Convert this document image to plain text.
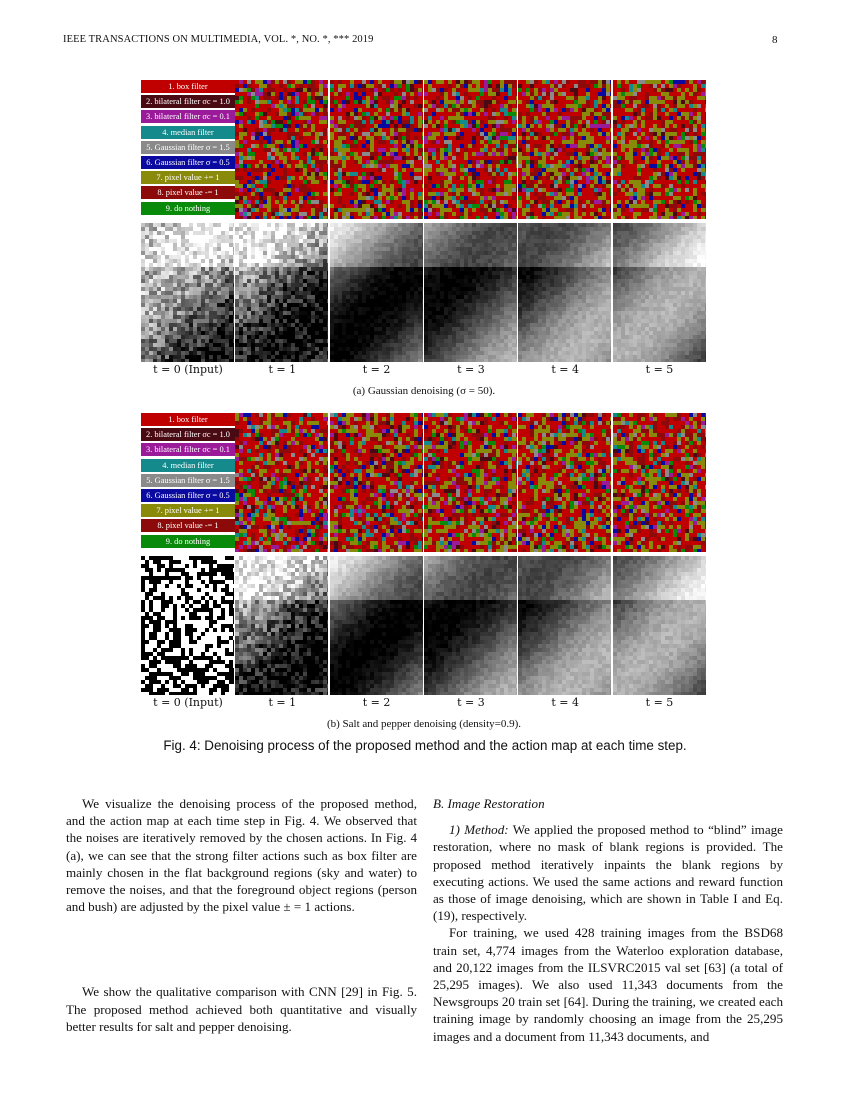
IEEE TRANSACTIONS ON MULTIMEDIA, VOL. *, NO. *, *** 2019	8
1. box filter
2. bilateral filter σc = 1.0
3. bilateral filter σc = 0.1
4. median filter
5. Gaussian filter σ = 1.5
6. Gaussian filter σ = 0.5
7. pixel value += 1
8. pixel value -= 1
9. do nothing
t = 0 (Input)	t = 1	t = 2	t = 3	t = 4	t = 5
(a) Gaussian denoising (σ = 50).
1. box filter
2. bilateral filter σc = 1.0
3. bilateral filter σc = 0.1
4. median filter
5. Gaussian filter σ = 1.5
6. Gaussian filter σ = 0.5
7. pixel value += 1
8. pixel value -= 1
9. do nothing
t = 0 (Input)	t = 1	t = 2	t = 3	t = 4	t = 5
(b) Salt and pepper denoising (density=0.9).
Fig. 4: Denoising process of the proposed method and the action map at each time step.

We visualize the denoising process of the proposed method, and the action map at each time step in Fig. 4. We observed that the noises are iteratively removed by the chosen actions. In Fig. 4 (a), we can see that the strong filter actions such as box filter are mainly chosen in the flat background regions (sky and water) to remove the noises, and that the foreground object regions (person and bush) are adjusted by the pixel value ± = 1 actions.

We show the qualitative comparison with CNN [29] in Fig. 5. The proposed method achieved both quantitative and visually better results for salt and pepper denoising.

B. Image Restoration

1) Method: We applied the proposed method to “blind” image restoration, where no mask of blank regions is provided. The proposed method iteratively inpaints the blank regions by executing actions. We used the same actions and reward function as those of image denoising, which are shown in Table I and Eq. (19), respectively.

For training, we used 428 training images from the BSD68 train set, 4,774 images from the Waterloo exploration database, and 20,122 images from the ILSVRC2015 val set [63] (a total of 25,295 images). We also used 11,343 documents from the Newsgroups 20 train set [64]. During the training, we created each training image by randomly choosing an image from the 25,295 images and a document from 11,343 documents, and
